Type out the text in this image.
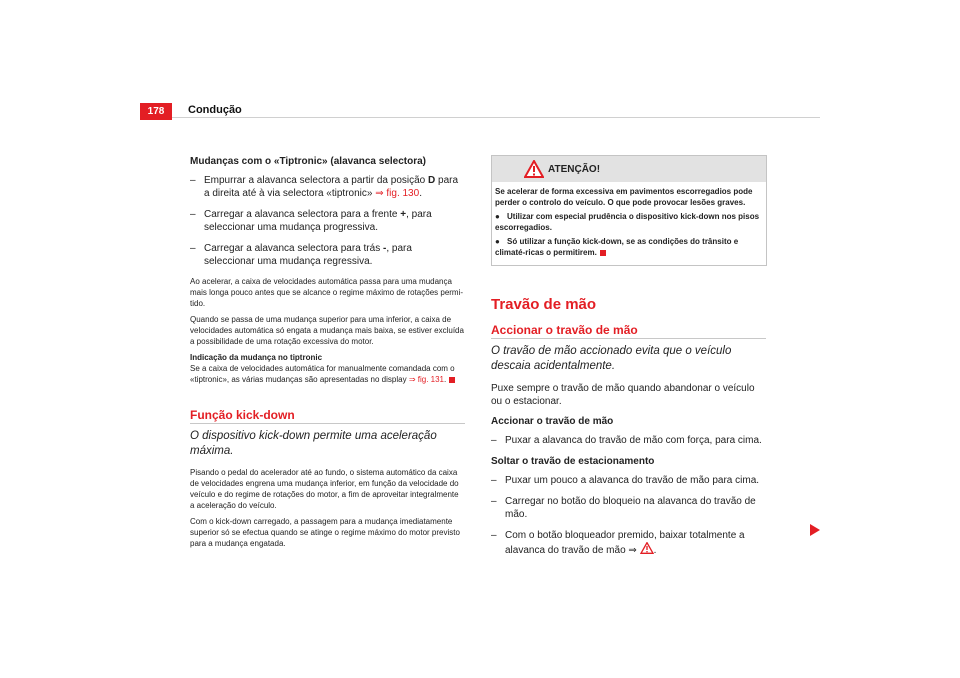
178	Condução

Mudanças com o «Tiptronic» (alavanca selectora)

– Empurrar a alavanca selectora a partir da posição D para a direita até à via selectora «tiptronic» ⇒ fig. 130.
– Carregar a alavanca selectora para a frente +, para seleccionar uma mudança progressiva.
– Carregar a alavanca selectora para trás -, para seleccionar uma mudança regressiva.

Ao acelerar, a caixa de velocidades automática passa para uma mudança mais longa pouco antes que se alcance o regime máximo de rotações permi-tido.

Quando se passa de uma mudança superior para uma inferior, a caixa de velocidades automática só engata a mudança mais baixa, se estiver excluída a possibilidade de uma rotação excessiva do motor.

Indicação da mudança no tiptronic

Se a caixa de velocidades automática for manualmente comandada com o «tiptronic», as várias mudanças são apresentadas no display ⇒ fig. 131.

Função kick-down

O dispositivo kick-down permite uma aceleração máxima.

Pisando o pedal do acelerador até ao fundo, o sistema automático da caixa de velocidades engrena uma mudança inferior, em função da velocidade do veículo e do regime de rotações do motor, a fim de aproveitar integralmente a aceleração do veículo.

Com o kick-down carregado, a passagem para a mudança imediatamente superior só se efectua quando se atinge o regime máximo do motor previsto para a mudança engatada.

ATENÇÃO!

Se acelerar de forma excessiva em pavimentos escorregadios pode perder o controlo do veículo. O que pode provocar lesões graves.

● Utilizar com especial prudência o dispositivo kick-down nos pisos escorregadios.

● Só utilizar a função kick-down, se as condições do trânsito e climaté-ricas o permitirem.

Travão de mão
Accionar o travão de mão

O travão de mão accionado evita que o veículo descaia acidentalmente.

Puxe sempre o travão de mão quando abandonar o veículo ou o estacionar.

Accionar o travão de mão

– Puxar a alavanca do travão de mão com força, para cima.

Soltar o travão de estacionamento

– Puxar um pouco a alavanca do travão de mão para cima.
– Carregar no botão do bloqueio na alavanca do travão de mão.
– Com o botão bloqueador premido, baixar totalmente a alavanca do travão de mão ⇒ .
